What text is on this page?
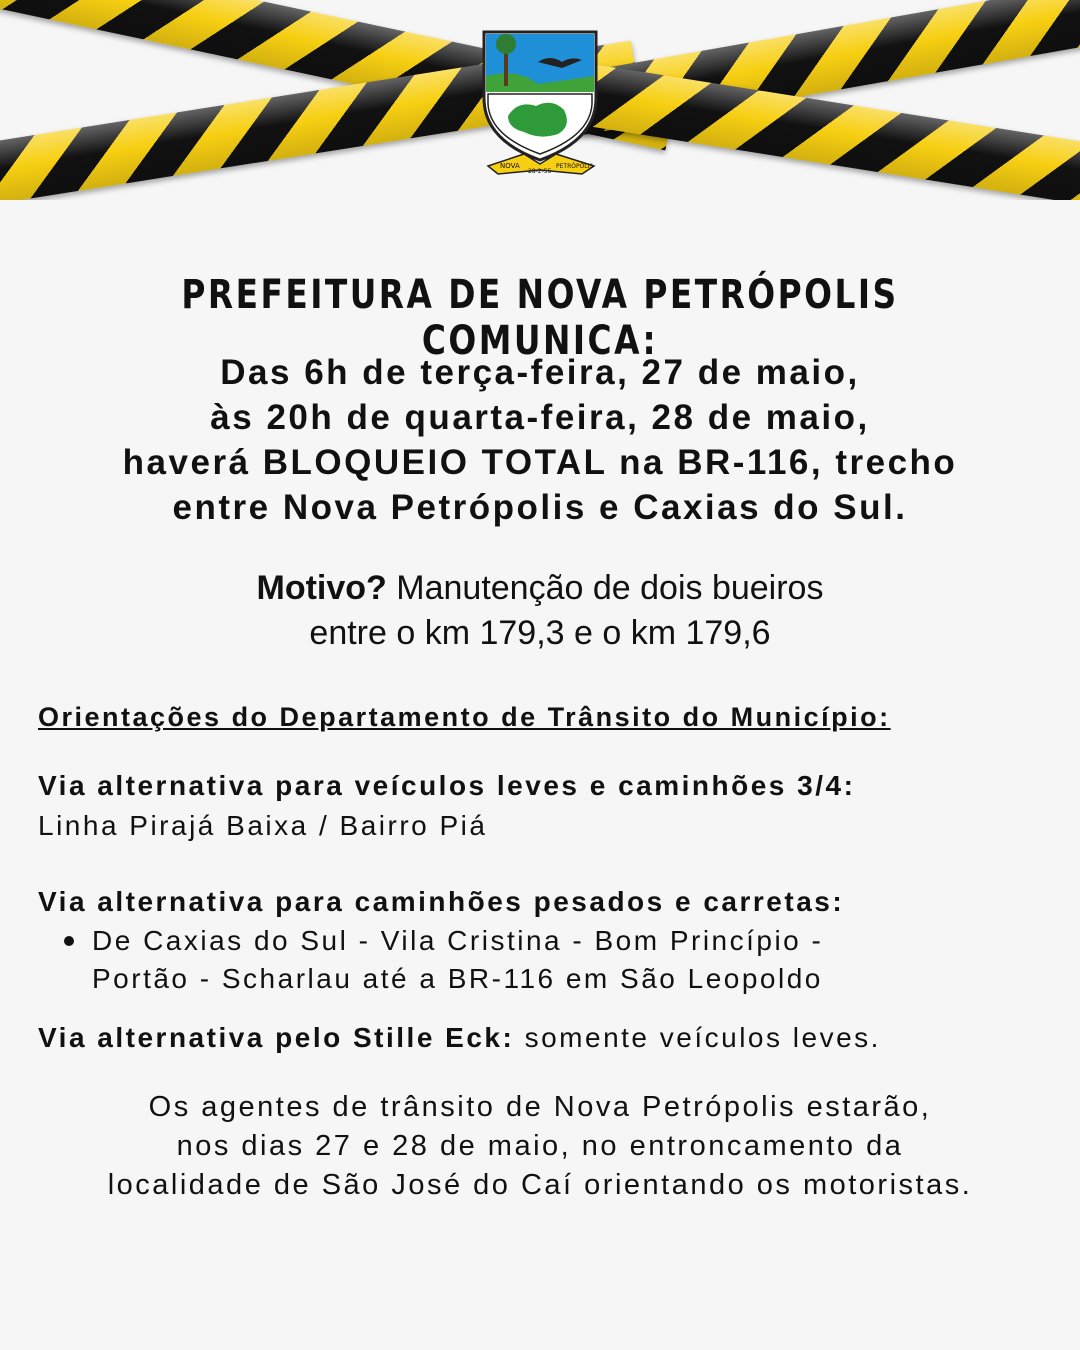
NOVA
28-2-55
PETRÓPOLIS
PREFEITURA DE NOVA PETRÓPOLIS COMUNICA:
Das 6h de terça-feira, 27 de maio,
às 20h de quarta-feira, 28 de maio,
haverá BLOQUEIO TOTAL na BR-116, trecho
entre Nova Petrópolis e Caxias do Sul.
Motivo? Manutenção de dois bueiros
entre o km 179,3 e o km 179,6
Orientações do Departamento de Trânsito do Município:
Via alternativa para veículos leves e caminhões 3/4:
Linha Pirajá Baixa / Bairro Piá
Via alternativa para caminhões pesados e carretas:
De Caxias do Sul - Vila Cristina - Bom Princípio -
Portão - Scharlau até a BR-116 em São Leopoldo
Via alternativa pelo Stille Eck: somente veículos leves.
Os agentes de trânsito de Nova Petrópolis estarão,
nos dias 27 e 28 de maio, no entroncamento da
localidade de São José do Caí orientando os motoristas.
